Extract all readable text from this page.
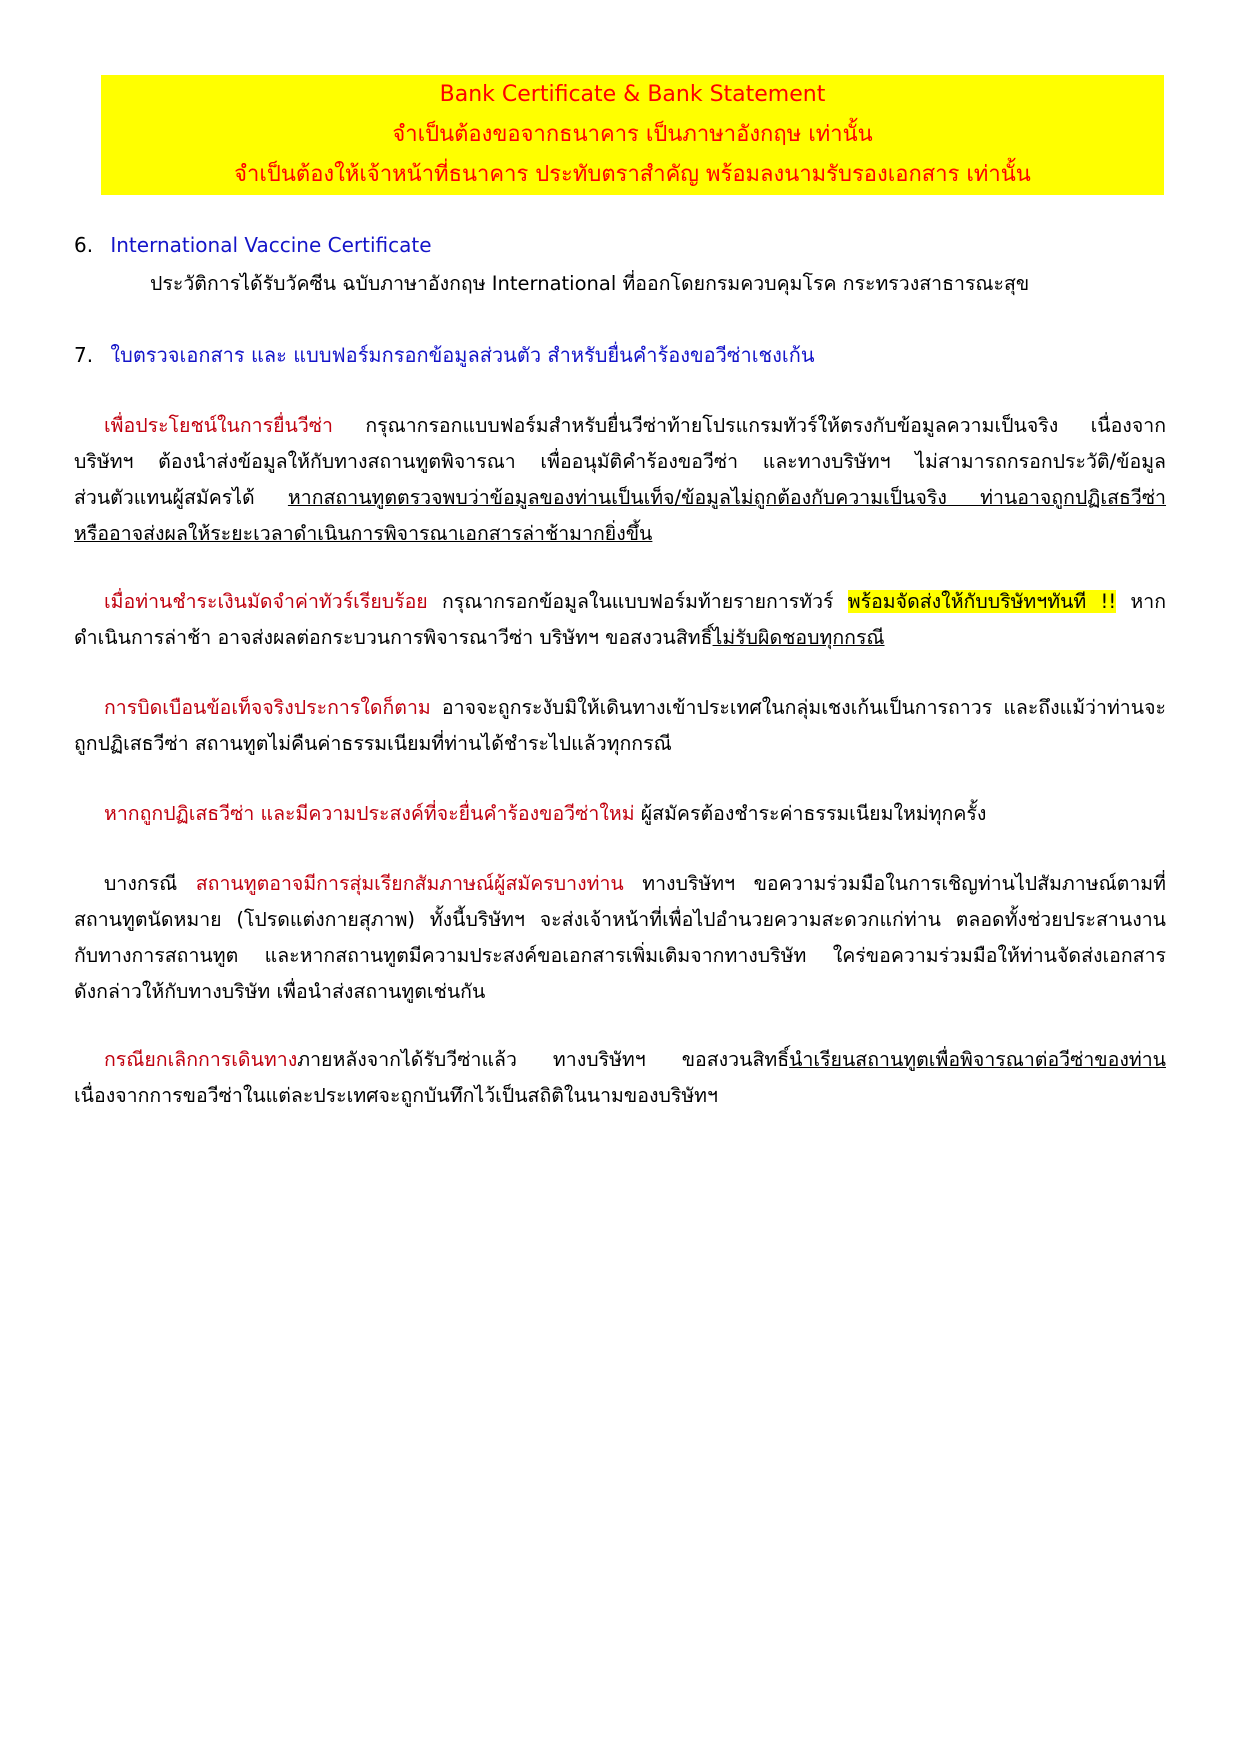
Bank Certificate & Bank Statement
จำเป็นต้องขอจากธนาคาร เป็นภาษาอังกฤษ เท่านั้น
จำเป็นต้องให้เจ้าหน้าที่ธนาคาร ประทับตราสำคัญ พร้อมลงนามรับรองเอกสาร เท่านั้น
6. International Vaccine Certificate
ประวัติการได้รับวัคซีน ฉบับภาษาอังกฤษ International ที่ออกโดยกรมควบคุมโรค กระทรวงสาธารณะสุข
7. ใบตรวจเอกสาร และ แบบฟอร์มกรอกข้อมูลส่วนตัว สำหรับยื่นคำร้องขอวีซ่าเชงเก้น
เพื่อประโยชน์ในการยื่นวีซ่า กรุณากรอกแบบฟอร์มสำหรับยื่นวีซ่าท้ายโปรแกรมทัวร์ให้ตรงกับข้อมูลความเป็นจริง เนื่องจาก
บริษัทฯ ต้องนำส่งข้อมูลให้กับทางสถานทูตพิจารณา เพื่ออนุมัติคำร้องขอวีซ่า และทางบริษัทฯ ไม่สามารถกรอกประวัติ/ข้อมูล
ส่วนตัวแทนผู้สมัครได้ หากสถานทูตตรวจพบว่าข้อมูลของท่านเป็นเท็จ/ข้อมูลไม่ถูกต้องกับความเป็นจริง ท่านอาจถูกปฏิเสธวีซ่า
หรืออาจส่งผลให้ระยะเวลาดำเนินการพิจารณาเอกสารล่าช้ามากยิ่งขึ้น
เมื่อท่านชำระเงินมัดจำค่าทัวร์เรียบร้อย กรุณากรอกข้อมูลในแบบฟอร์มท้ายรายการทัวร์ พร้อมจัดส่งให้กับบริษัทฯทันที !! หาก
ดำเนินการล่าช้า อาจส่งผลต่อกระบวนการพิจารณาวีซ่า บริษัทฯ ขอสงวนสิทธิ์ไม่รับผิดชอบทุกกรณี
การบิดเบือนข้อเท็จจริงประการใดก็ตาม อาจจะถูกระงับมิให้เดินทางเข้าประเทศในกลุ่มเชงเก้นเป็นการถาวร และถึงแม้ว่าท่านจะ
ถูกปฏิเสธวีซ่า สถานทูตไม่คืนค่าธรรมเนียมที่ท่านได้ชำระไปแล้วทุกกรณี
หากถูกปฏิเสธวีซ่า และมีความประสงค์ที่จะยื่นคำร้องขอวีซ่าใหม่ ผู้สมัครต้องชำระค่าธรรมเนียมใหม่ทุกครั้ง
บางกรณี สถานทูตอาจมีการสุ่มเรียกสัมภาษณ์ผู้สมัครบางท่าน ทางบริษัทฯ ขอความร่วมมือในการเชิญท่านไปสัมภาษณ์ตามที่
สถานทูตนัดหมาย (โปรดแต่งกายสุภาพ) ทั้งนี้บริษัทฯ จะส่งเจ้าหน้าที่เพื่อไปอำนวยความสะดวกแก่ท่าน ตลอดทั้งช่วยประสานงาน
กับทางการสถานทูต และหากสถานทูตมีความประสงค์ขอเอกสารเพิ่มเติมจากทางบริษัท ใคร่ขอความร่วมมือให้ท่านจัดส่งเอกสาร
ดังกล่าวให้กับทางบริษัท เพื่อนำส่งสถานทูตเช่นกัน
กรณียกเลิกการเดินทางภายหลังจากได้รับวีซ่าแล้ว ทางบริษัทฯ ขอสงวนสิทธิ์นำเรียนสถานทูตเพื่อพิจารณาต่อวีซ่าของท่าน
เนื่องจากการขอวีซ่าในแต่ละประเทศจะถูกบันทึกไว้เป็นสถิติในนามของบริษัทฯ
